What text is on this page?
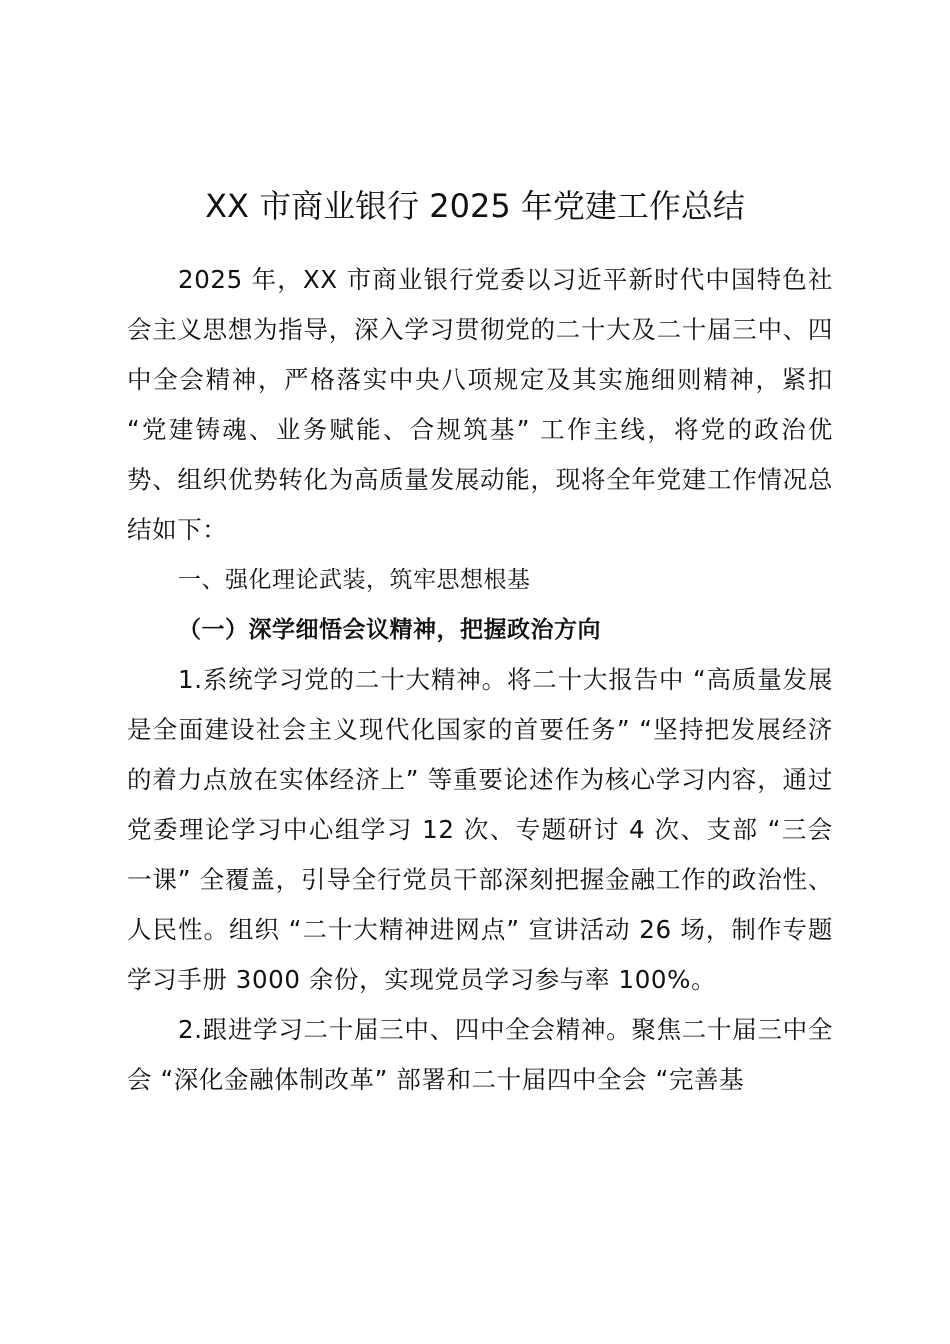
XX 市商业银行 2025 年党建工作总结

2025 年，XX 市商业银行党委以习近平新时代中国特色社会主义思想为指导，深入学习贯彻党的二十大及二十届三中、四中全会精神，严格落实中央八项规定及其实施细则精神，紧扣 “党建铸魂、业务赋能、合规筑基” 工作主线，将党的政治优势、组织优势转化为高质量发展动能，现将全年党建工作情况总结如下：

一、强化理论武装，筑牢思想根基

（一）深学细悟会议精神，把握政治方向

1.系统学习党的二十大精神。将二十大报告中 “高质量发展是全面建设社会主义现代化国家的首要任务” “坚持把发展经济的着力点放在实体经济上” 等重要论述作为核心学习内容，通过党委理论学习中心组学习 12 次、专题研讨 4 次、支部 “三会一课” 全覆盖，引导全行党员干部深刻把握金融工作的政治性、人民性。组织 “二十大精神进网点” 宣讲活动 26 场，制作专题学习手册 3000 余份，实现党员学习参与率 100%。

2.跟进学习二十届三中、四中全会精神。聚焦二十届三中全会 “深化金融体制改革” 部署和二十届四中全会 “完善基
